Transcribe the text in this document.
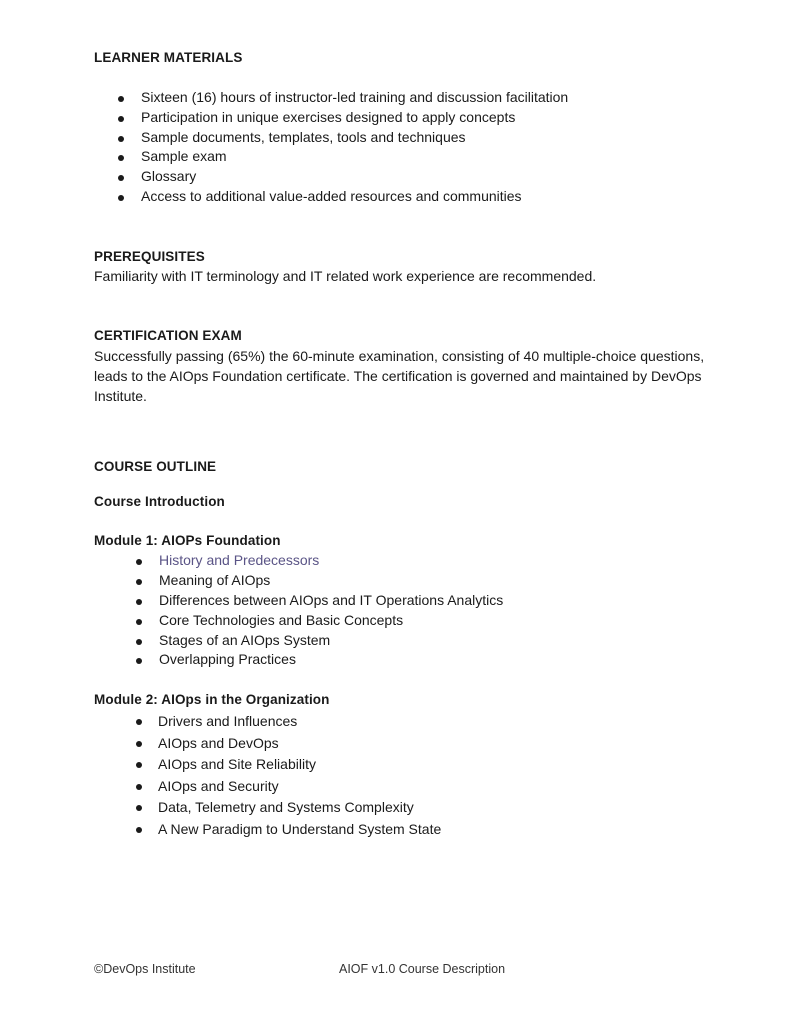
LEARNER MATERIALS
Sixteen (16) hours of instructor-led training and discussion facilitation
Participation in unique exercises designed to apply concepts
Sample documents, templates, tools and techniques
Sample exam
Glossary
Access to additional value-added resources and communities
PREREQUISITES
Familiarity with IT terminology and IT related work experience are recommended.
CERTIFICATION EXAM
Successfully passing (65%) the 60-minute examination, consisting of 40 multiple-choice questions, leads to the AIOps Foundation certificate. The certification is governed and maintained by DevOps Institute.
COURSE OUTLINE
Course Introduction
Module 1: AIOPs Foundation
History and Predecessors
Meaning of AIOps
Differences between AIOps and IT Operations Analytics
Core Technologies and Basic Concepts
Stages of an AIOps System
Overlapping Practices
Module 2: AIOps in the Organization
Drivers and Influences
AIOps and DevOps
AIOps and Site Reliability
AIOps and Security
Data, Telemetry and Systems Complexity
A New Paradigm to Understand System State
©DevOps Institute	AIOF v1.0 Course Description
